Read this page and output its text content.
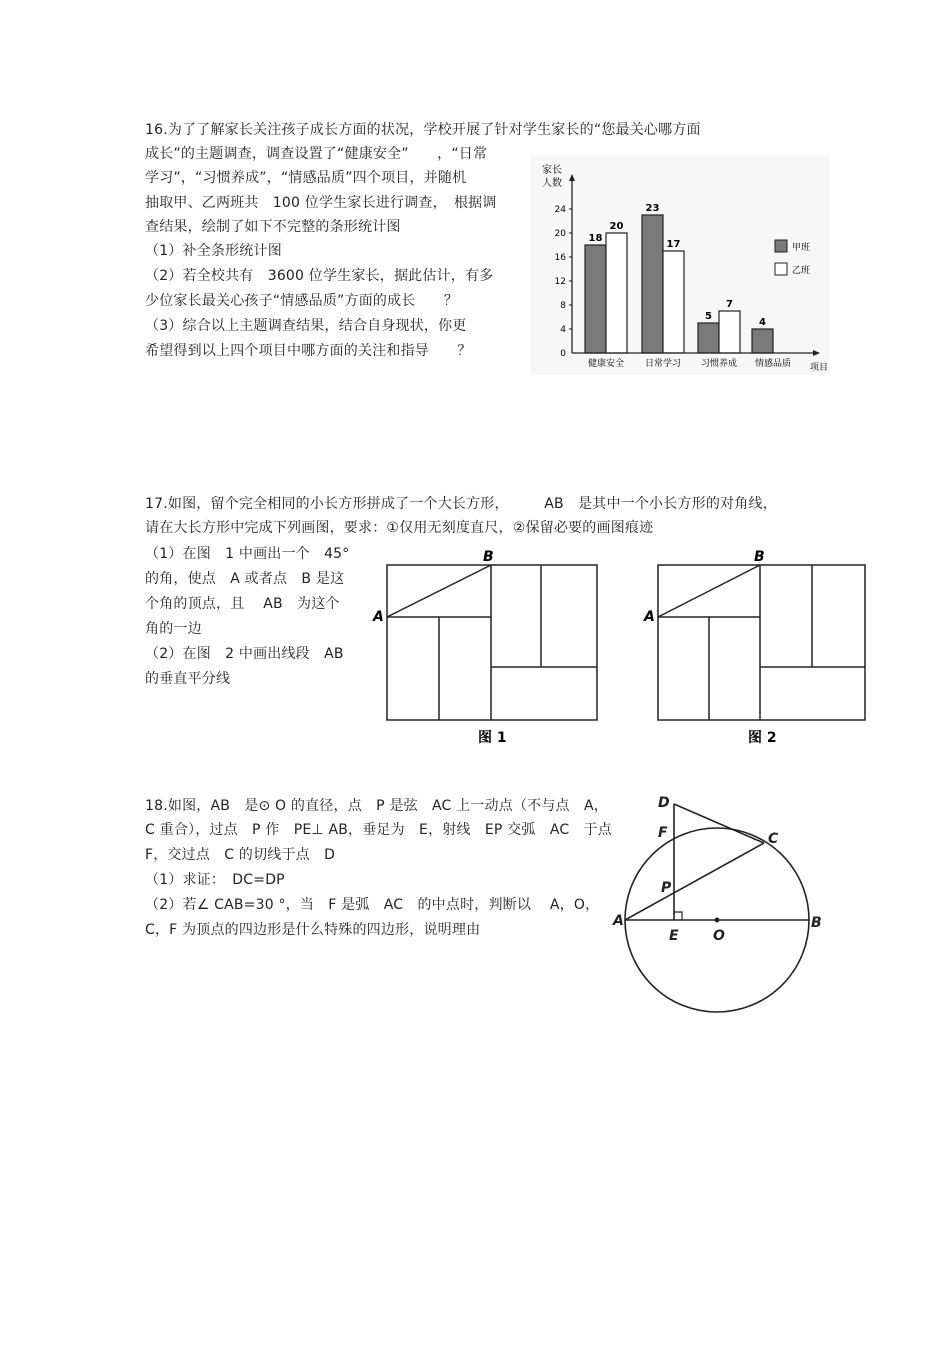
16.为了了解家长关注孩子成长方面的状况，学校开展了针对学生家长的“您最关心哪方面
成长”的主题调查，调查设置了“健康安全”　　，“日常
学习”，“习惯养成”，“情感品质”四个项目，并随机
抽取甲、乙两班共　100 位学生家长进行调查，　根据调
查结果，绘制了如下不完整的条形统计图
（1）补全条形统计图
（2）若全校共有　3600 位学生家长，据此估计，有多
少位家长最关心孩子“情感品质”方面的成长　　？
（3）综合以上主题调查结果，结合自身现状，你更
希望得到以上四个项目中哪方面的关注和指导　　？
家长
人数
项目
0
4
8
12
16
20
24
18
23
5
4
20
17
7
健康安全 日常学习 习惯养成 情感品质
甲班
乙班
17.如图，留个完全相同的小长方形拼成了一个大长方形，　　　AB　是其中一个小长方形的对角线，
请在大长方形中完成下列画图，要求：①仅用无刻度直尺，②保留必要的画图痕迹
（1）在图　1 中画出一个　45°
的角，使点　A 或者点　B 是这
个角的顶点，且　 AB　为这个
角的一边
（2）在图　2 中画出线段　AB
的垂直平分线
A
B
图 1
A
B
图 2
18.如图，AB　是⊙ O 的直径，点　P 是弦　AC 上一动点（不与点　A，
C 重合），过点　P 作　PE⊥ AB，垂足为　E，射线　EP 交弧　AC　于点
F，交过点　C 的切线于点　D
（1）求证：　DC=DP
（2）若∠ CAB=30 °，当　F 是弧　AC　的中点时，判断以　 A，O，
C，F 为顶点的四边形是什么特殊的四边形，说明理由
D
F	C
P
A
E O
B
